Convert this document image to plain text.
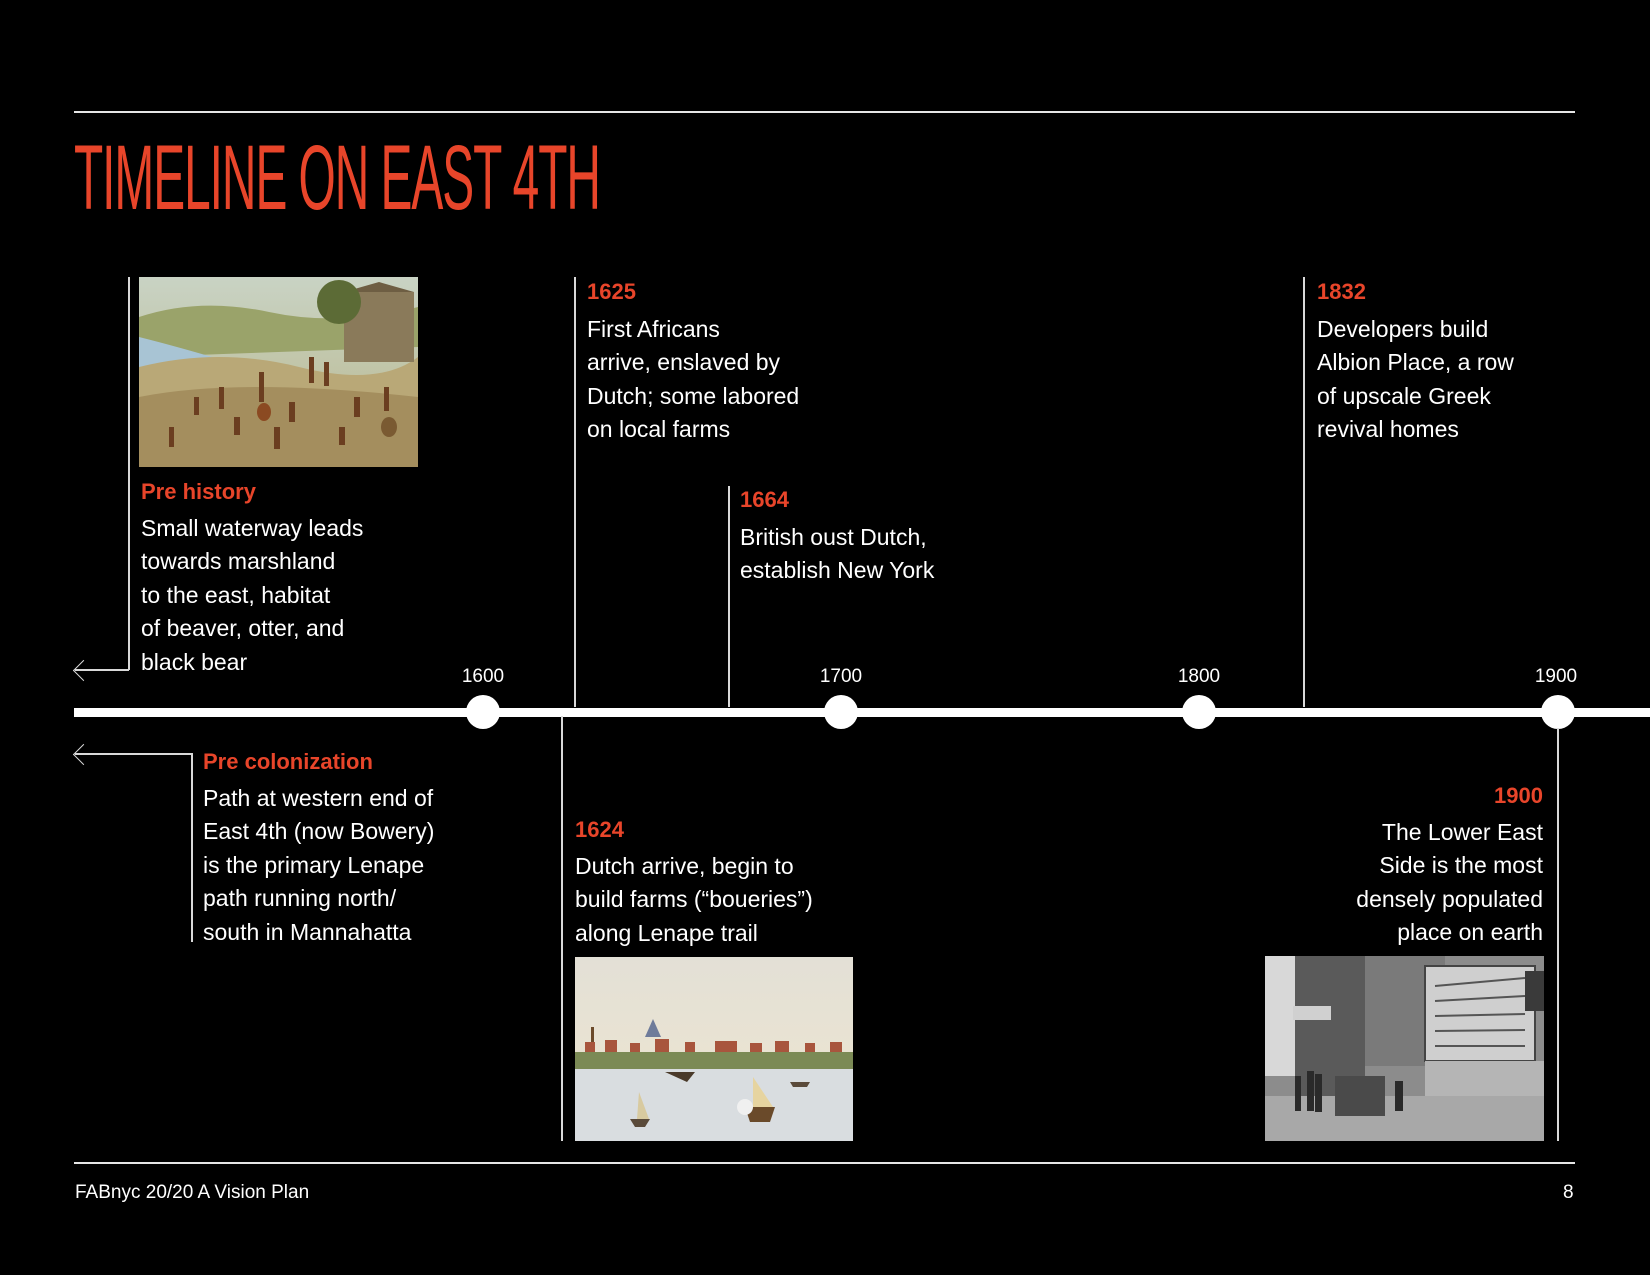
TIMELINE ON EAST 4TH
1600	1700	1800	1900
Pre history
Small waterway leads
towards marshland
to the east, habitat
of beaver, otter, and
black bear
Pre colonization
Path at western end of
East 4th (now Bowery)
is the primary Lenape
path running north/
south in Mannahatta
1624
Dutch arrive, begin to
build farms (“boueries”)
along Lenape trail
1625
First Africans
arrive, enslaved by
Dutch; some labored
on local farms
1664
British oust Dutch,
establish New York
1832
Developers build
Albion Place, a row
of upscale Greek
revival homes
1900
The Lower East
Side is the most
densely populated
place on earth
FABnyc 20/20 A Vision Plan	8
